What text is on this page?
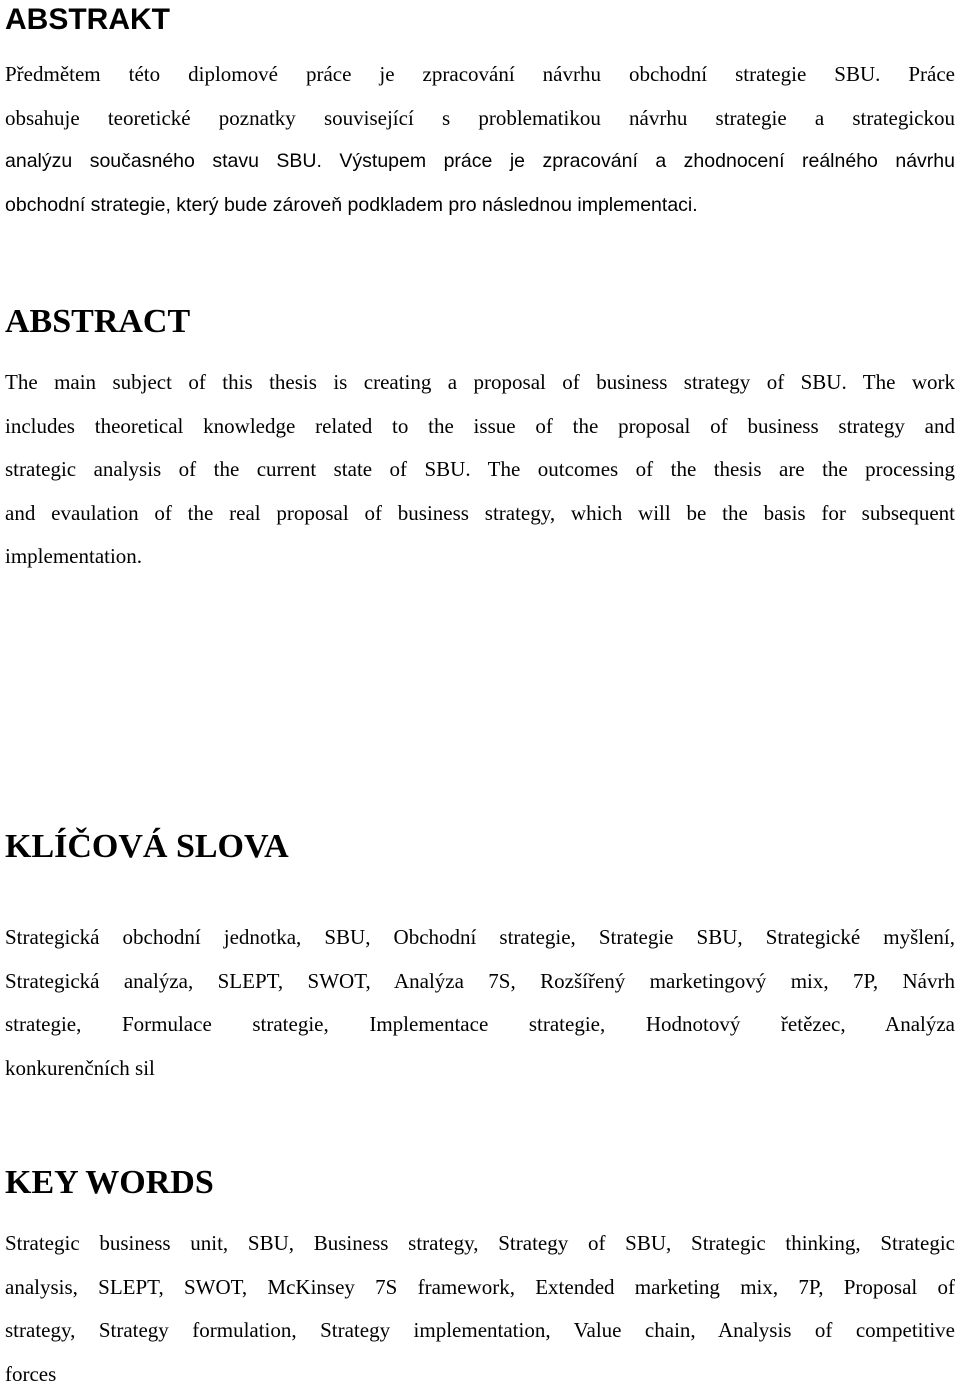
ABSTRAKT
Předmětem této diplomové práce je zpracování návrhu obchodní strategie SBU. Práce
obsahuje teoretické poznatky související s problematikou návrhu strategie a strategickou
analýzu současného stavu SBU. Výstupem práce je zpracování a zhodnocení reálného návrhu
obchodní strategie, který bude zároveň podkladem pro následnou implementaci.
ABSTRACT
The main subject of this thesis is creating a proposal of business strategy of SBU. The work
includes theoretical knowledge related to the issue of the proposal of business strategy and
strategic analysis of the current state of SBU. The outcomes of the thesis are the processing
and evaulation of the real proposal of business strategy, which will be the basis for subsequent
implementation.
KLÍČOVÁ SLOVA
Strategická obchodní jednotka, SBU, Obchodní strategie, Strategie SBU, Strategické myšlení,
Strategická analýza, SLEPT, SWOT, Analýza 7S, Rozšířený marketingový mix, 7P, Návrh
strategie, Formulace strategie, Implementace strategie, Hodnotový řetězec, Analýza
konkurenčních sil
KEY WORDS
Strategic business unit, SBU, Business strategy, Strategy of SBU, Strategic thinking, Strategic
analysis, SLEPT, SWOT, McKinsey 7S framework, Extended marketing mix, 7P, Proposal of
strategy, Strategy formulation, Strategy implementation, Value chain, Analysis of competitive
forces
